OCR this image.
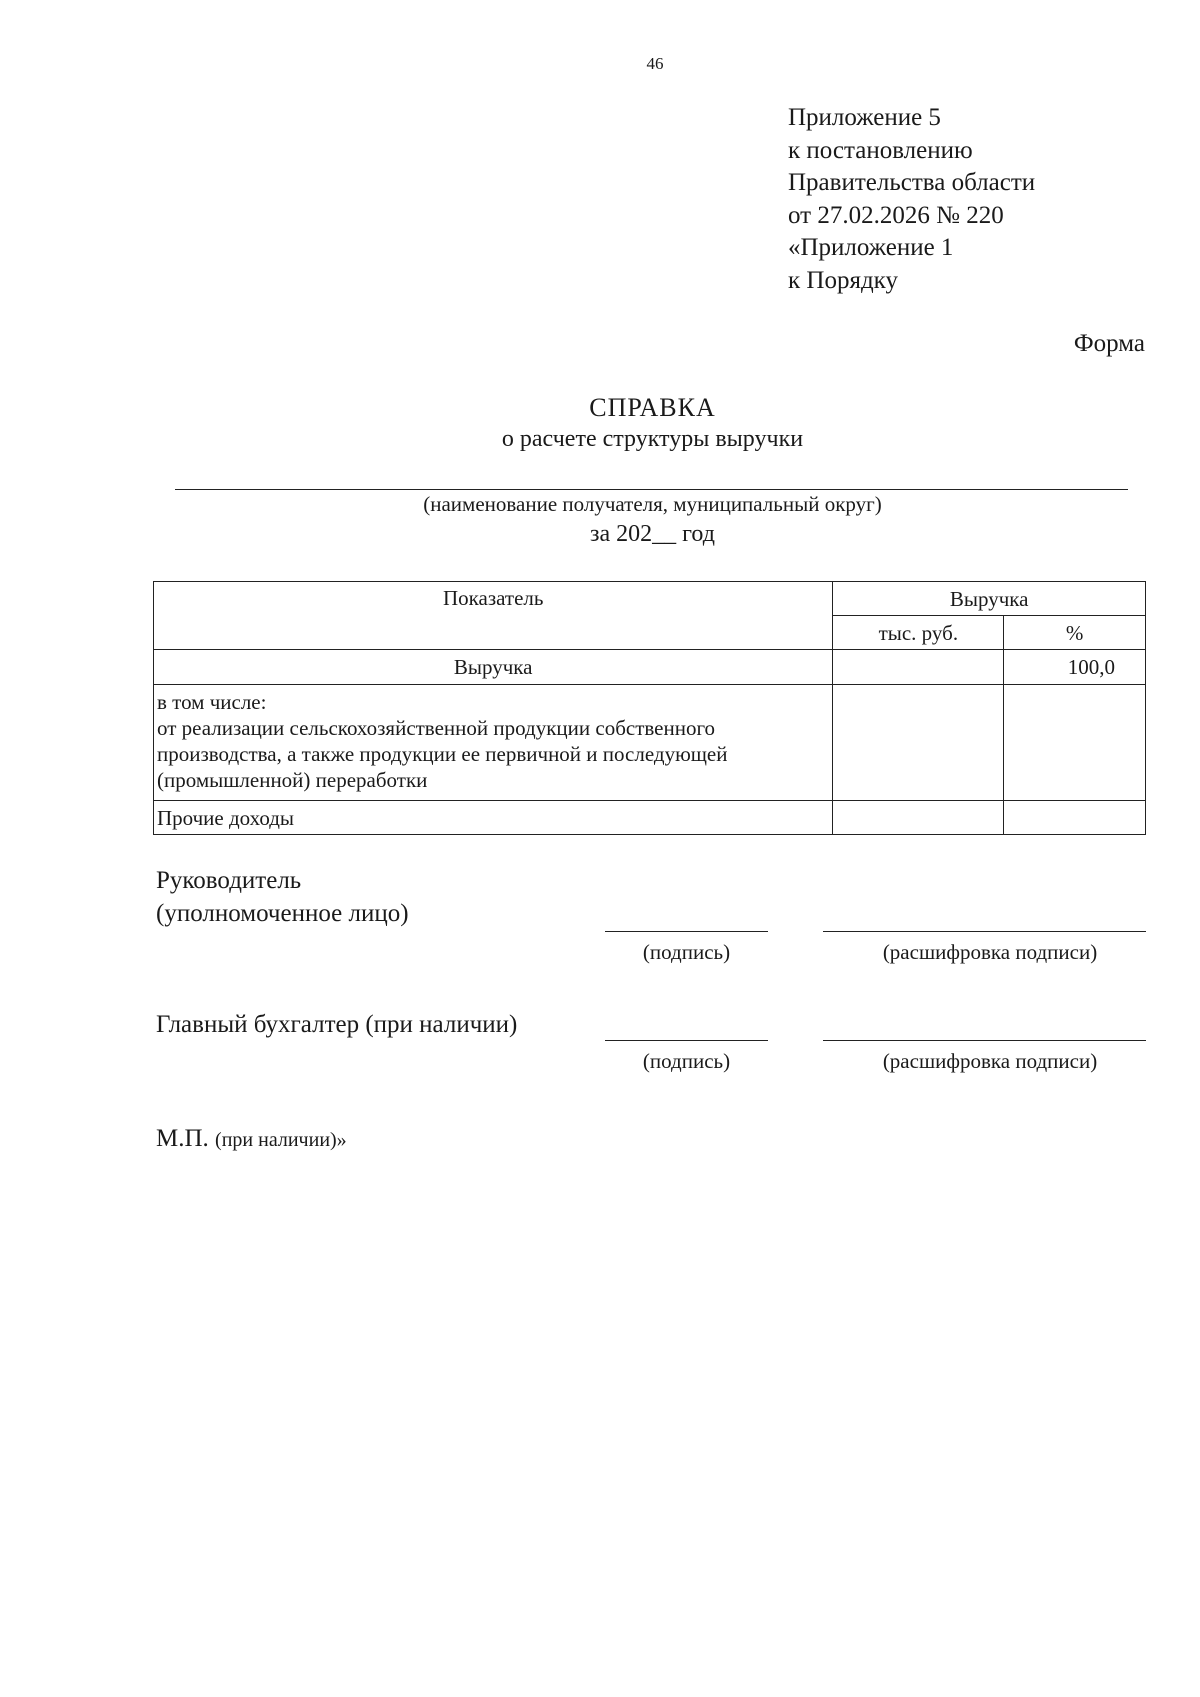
46
Приложение 5
к постановлению
Правительства области
от 27.02.2026 № 220
«Приложение 1
к Порядку
Форма
СПРАВКА
о расчете структуры выручки
(наименование получателя, муниципальный округ)
за 202__ год
Показатель	Выручка	
	тыс. руб.	%
Выручка		100,0

в том числе:
от реализации сельскохозяйственной продукции собственного
производства, а также продукции ее первичной и последующей
(промышленной) переработки		

Прочие доходы		
Руководитель
(уполномоченное лицо)
(подпись)	(расшифровка подписи)
Главный бухгалтер (при наличии)
(подпись)	(расшифровка подписи)
М.П. (при наличии)»
